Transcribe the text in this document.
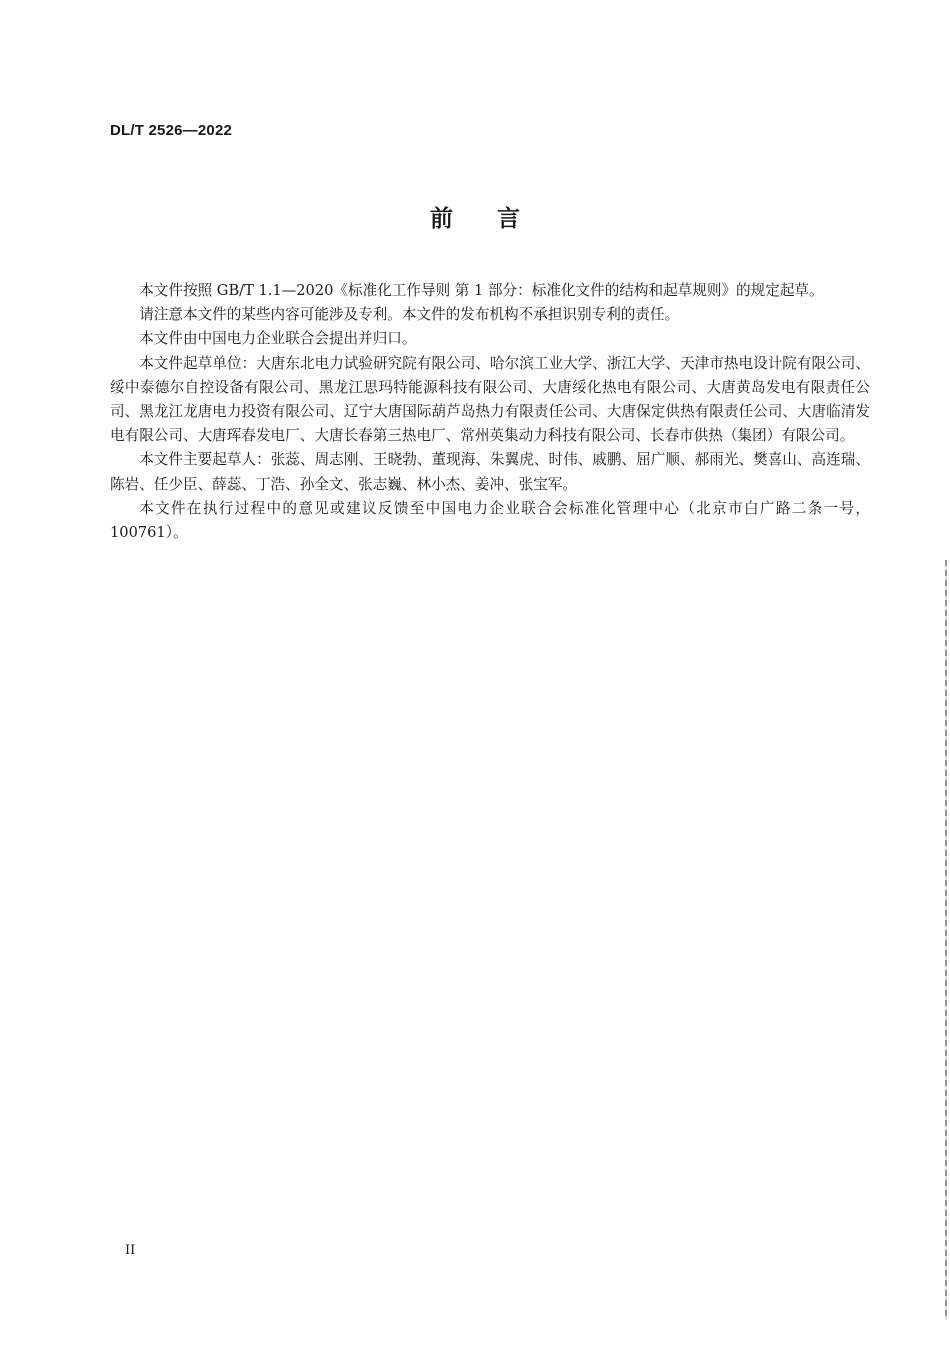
DL/T 2526—2022
前言

本文件按照 GB/T 1.1—2020《标准化工作导则 第 1 部分：标准化文件的结构和起草规则》的规定起草。

请注意本文件的某些内容可能涉及专利。本文件的发布机构不承担识别专利的责任。

本文件由中国电力企业联合会提出并归口。

本文件起草单位：大唐东北电力试验研究院有限公司、哈尔滨工业大学、浙江大学、天津市热电设计院有限公司、绥中泰德尔自控设备有限公司、黑龙江思玛特能源科技有限公司、大唐绥化热电有限公司、大唐黄岛发电有限责任公司、黑龙江龙唐电力投资有限公司、辽宁大唐国际葫芦岛热力有限责任公司、大唐保定供热有限责任公司、大唐临清发电有限公司、大唐珲春发电厂、大唐长春第三热电厂、常州英集动力科技有限公司、长春市供热（集团）有限公司。

本文件主要起草人：张蕊、周志刚、王晓勃、董现海、朱翼虎、时伟、戚鹏、屈广顺、郝雨光、樊喜山、高连瑞、陈岩、任少臣、薛蕊、丁浩、孙全文、张志巍、林小杰、姜冲、张宝军。

本文件在执行过程中的意见或建议反馈至中国电力企业联合会标准化管理中心（北京市白广路二条一号，100761）。

II
